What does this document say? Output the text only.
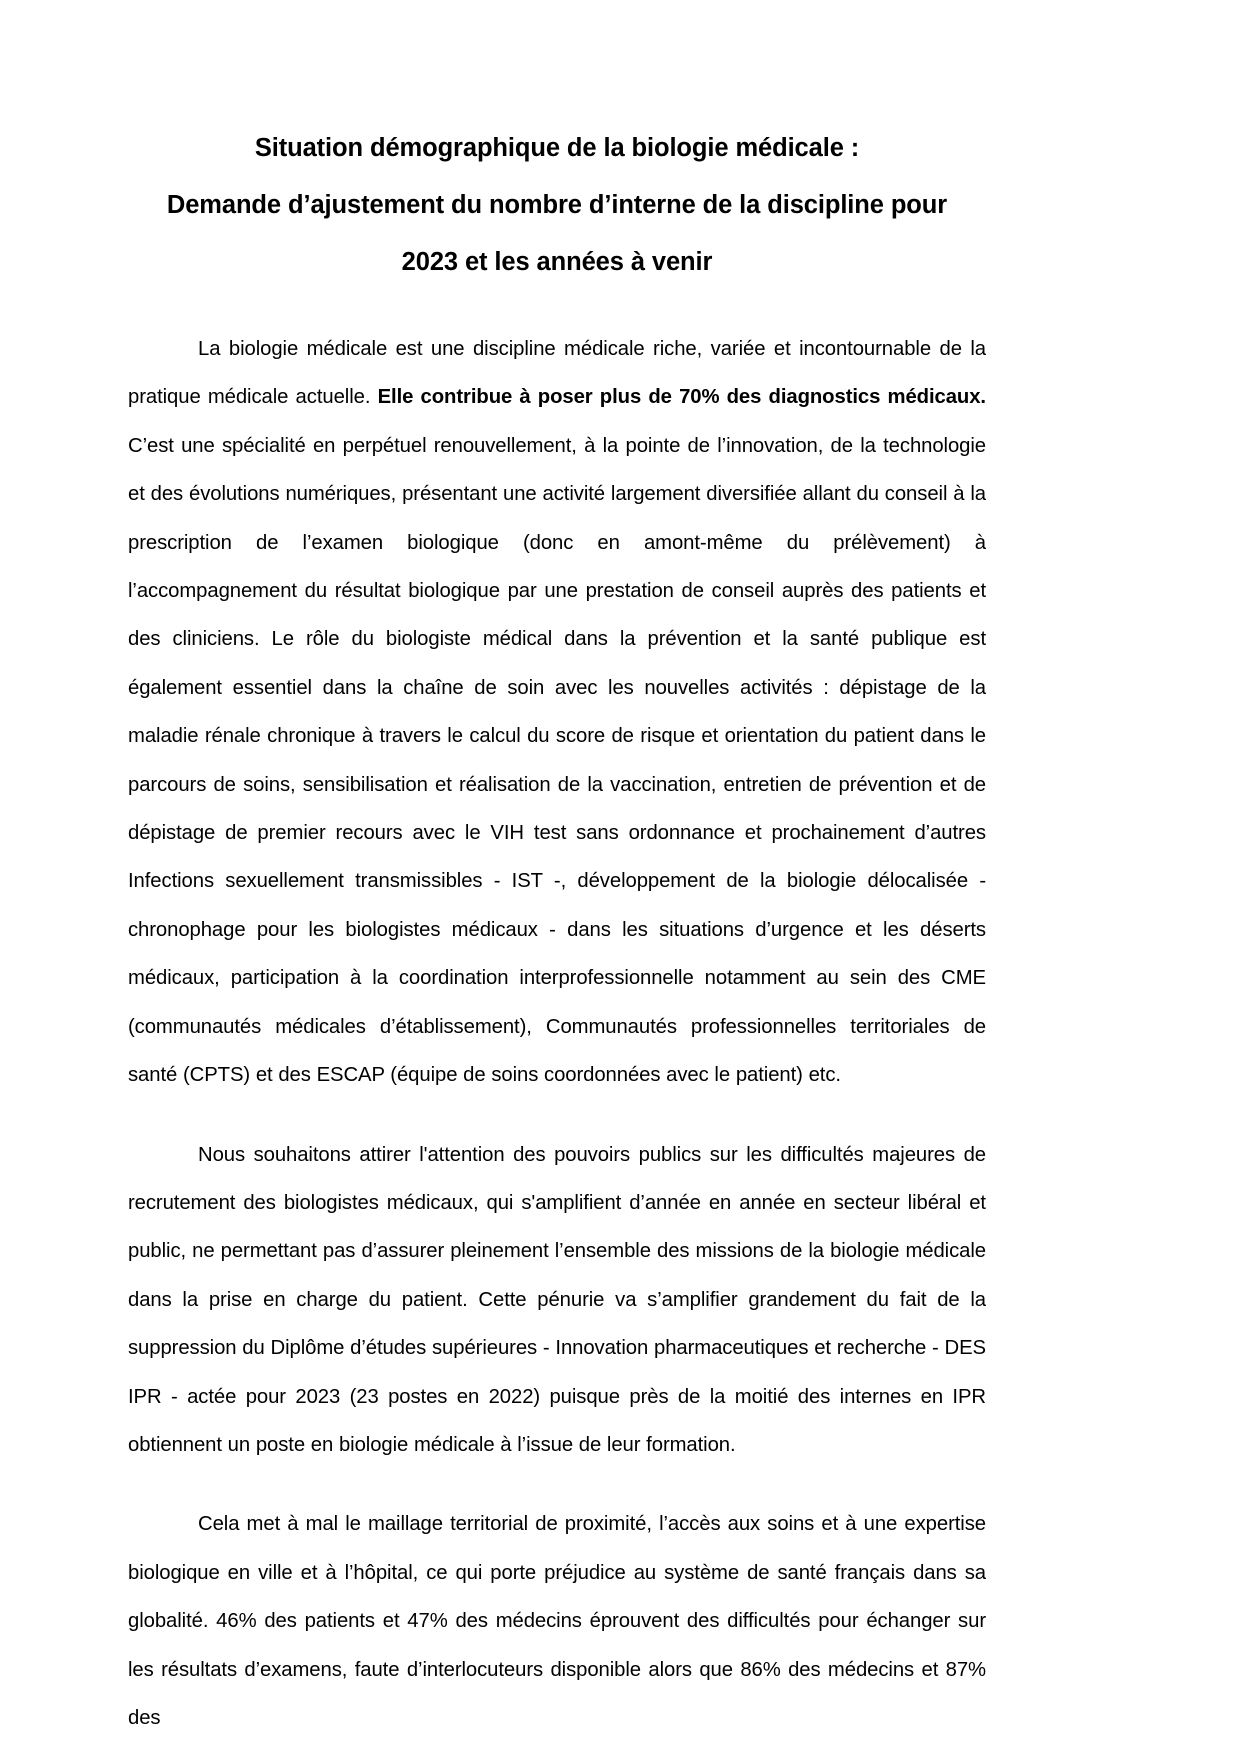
Situation démographique de la biologie médicale :
Demande d’ajustement du nombre d’interne de la discipline pour
2023 et les années à venir

La biologie médicale est une discipline médicale riche, variée et incontournable de la pratique médicale actuelle. Elle contribue à poser plus de 70% des diagnostics médicaux. C’est une spécialité en perpétuel renouvellement, à la pointe de l’innovation, de la technologie et des évolutions numériques, présentant une activité largement diversifiée allant du conseil à la prescription de l’examen biologique (donc en amont-même du prélèvement) à l’accompagnement du résultat biologique par une prestation de conseil auprès des patients et des cliniciens. Le rôle du biologiste médical dans la prévention et la santé publique est également essentiel dans la chaîne de soin avec les nouvelles activités : dépistage de la maladie rénale chronique à travers le calcul du score de risque et orientation du patient dans le parcours de soins, sensibilisation et réalisation de la vaccination, entretien de prévention et de dépistage de premier recours avec le VIH test sans ordonnance et prochainement d’autres Infections sexuellement transmissibles - IST -, développement de la biologie délocalisée - chronophage pour les biologistes médicaux - dans les situations d’urgence et les déserts médicaux, participation à la coordination interprofessionnelle notamment au sein des CME (communautés médicales d’établissement), Communautés professionnelles territoriales de santé (CPTS) et des ESCAP (équipe de soins coordonnées avec le patient) etc.

Nous souhaitons attirer l'attention des pouvoirs publics sur les difficultés majeures de recrutement des biologistes médicaux, qui s'amplifient d’année en année en secteur libéral et public, ne permettant pas d’assurer pleinement l’ensemble des missions de la biologie médicale dans la prise en charge du patient. Cette pénurie va s’amplifier grandement du fait de la suppression du Diplôme d’études supérieures - Innovation pharmaceutiques et recherche - DES IPR - actée pour 2023 (23 postes en 2022) puisque près de la moitié des internes en IPR obtiennent un poste en biologie médicale à l’issue de leur formation.

Cela met à mal le maillage territorial de proximité, l’accès aux soins et à une expertise biologique en ville et à l’hôpital, ce qui porte préjudice au système de santé français dans sa globalité. 46% des patients et 47% des médecins éprouvent des difficultés pour échanger sur les résultats d’examens, faute d’interlocuteurs disponible alors que 86% des médecins et 87% des
